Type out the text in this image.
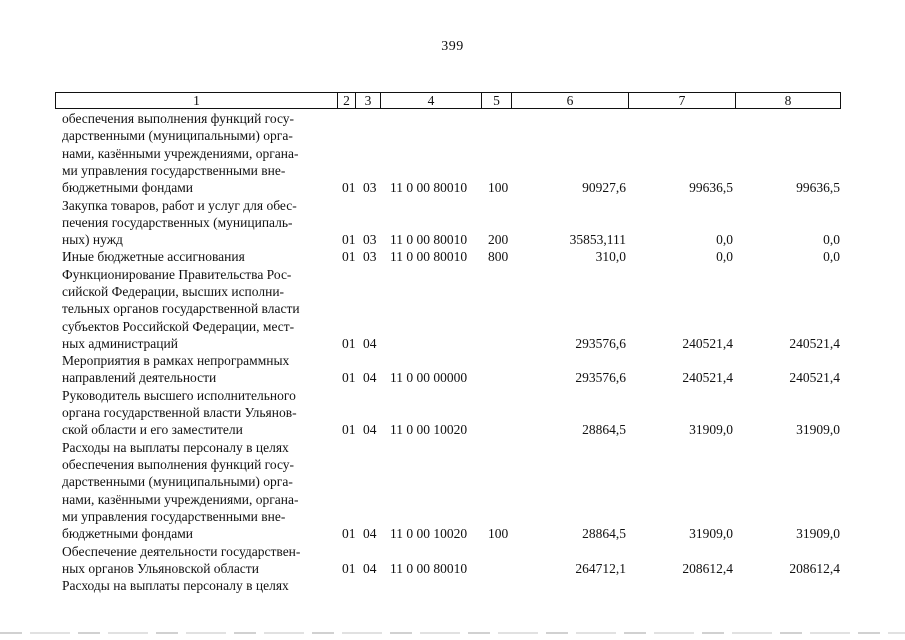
399
1	2	3	4	5	6	7	8
обеспечения выполнения функций госу-
дарственными (муниципальными) орга-
нами, казёнными учреждениями, органа-
ми управления государственными вне-
бюджетными фондами	01 03 11 0 00 80010 100	90927,6	99636,5	99636,5
Закупка товаров, работ и услуг для обес-
печения государственных (муниципаль-
ных) нужд	01 03 11 0 00 80010 200	35853,111	0,0	0,0
Иные бюджетные ассигнования	01 03 11 0 00 80010 800	310,0	0,0	0,0
Функционирование Правительства Рос-
сийской Федерации, высших исполни-
тельных органов государственной власти
субъектов Российской Федерации, мест-
ных администраций	01 04	293576,6	240521,4	240521,4
Мероприятия в рамках непрограммных
направлений деятельности	01 04 11 0 00 00000	293576,6	240521,4	240521,4
Руководитель высшего исполнительного
органа государственной власти Ульянов-
ской области и его заместители	01 04 11 0 00 10020	28864,5	31909,0	31909,0
Расходы на выплаты персоналу в целях
обеспечения выполнения функций госу-
дарственными (муниципальными) орга-
нами, казёнными учреждениями, органа-
ми управления государственными вне-
бюджетными фондами	01 04 11 0 00 10020 100	28864,5	31909,0	31909,0
Обеспечение деятельности государствен-
ных органов Ульяновской области	01 04 11 0 00 80010	264712,1	208612,4	208612,4
Расходы на выплаты персоналу в целях
